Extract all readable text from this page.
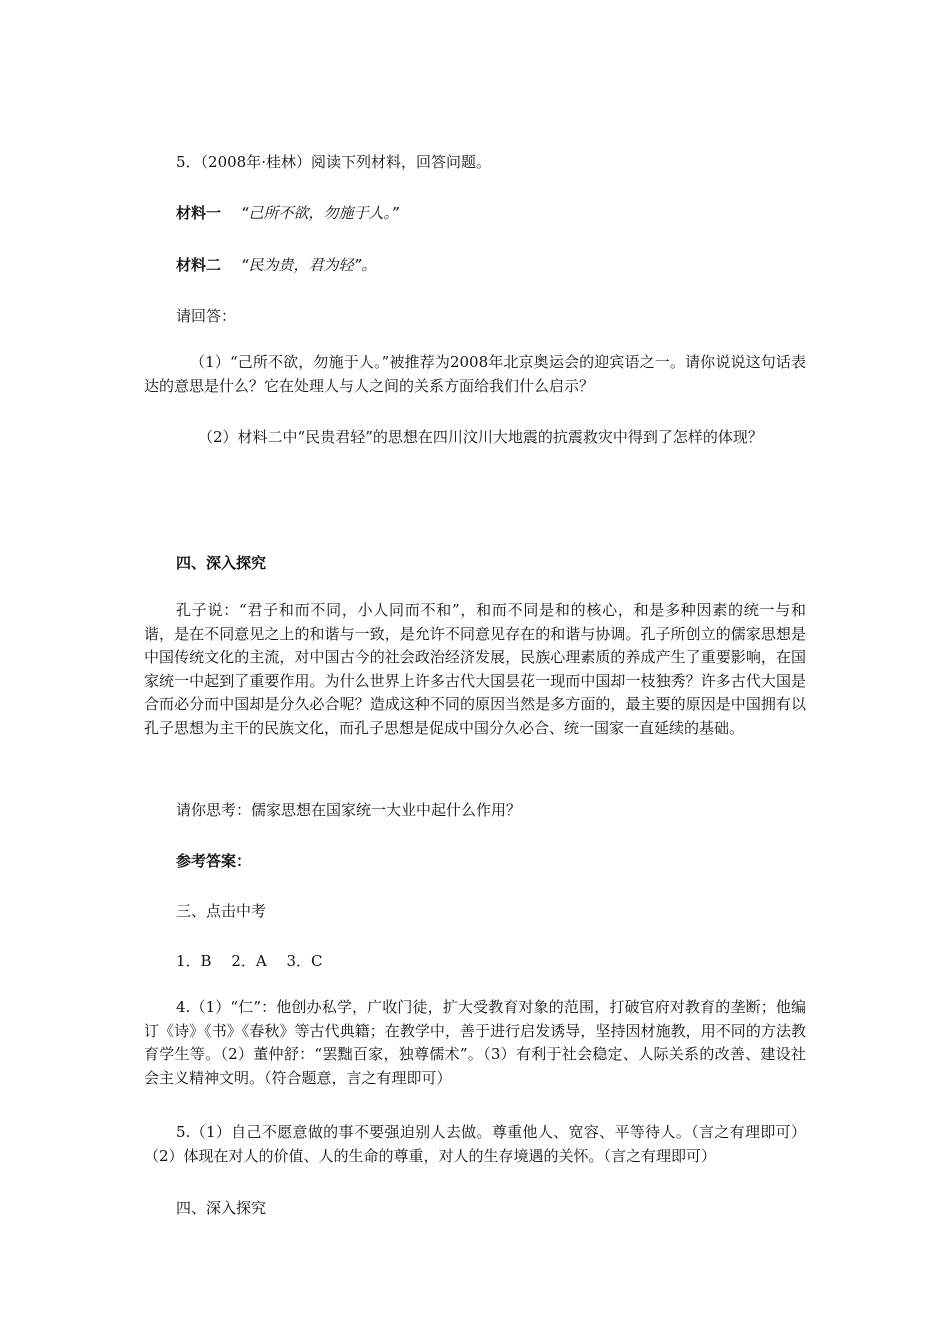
5．（2008年·桂林）阅读下列材料，回答问题。

材料一 “己所不欲，勿施于人。”

材料二 “民为贵，君为轻”。

请回答：

（1）“己所不欲，勿施于人。”被推荐为2008年北京奥运会的迎宾语之一。请你说说这句话表达的意思是什么？它在处理人与人之间的关系方面给我们什么启示？

（2）材料二中“民贵君轻”的思想在四川汶川大地震的抗震救灾中得到了怎样的体现？

四、深入探究

孔子说：“君子和而不同，小人同而不和”，和而不同是和的核心，和是多种因素的统一与和谐，是在不同意见之上的和谐与一致，是允许不同意见存在的和谐与协调。孔子所创立的儒家思想是中国传统文化的主流，对中国古今的社会政治经济发展，民族心理素质的养成产生了重要影响，在国家统一中起到了重要作用。为什么世界上许多古代大国昙花一现而中国却一枝独秀？许多古代大国是合而必分而中国却是分久必合呢？造成这种不同的原因当然是多方面的，最主要的原因是中国拥有以孔子思想为主干的民族文化，而孔子思想是促成中国分久必合、统一国家一直延续的基础。

请你思考：儒家思想在国家统一大业中起什么作用？

参考答案：

三、点击中考

1．B　 2．A　 3．C

4.（1）“仁”：他创办私学，广收门徒，扩大受教育对象的范围，打破官府对教育的垄断；他编订《诗》《书》《春秋》等古代典籍；在教学中，善于进行启发诱导，坚持因材施教，用不同的方法教育学生等。（2）董仲舒：“罢黜百家，独尊儒术”。（3）有利于社会稳定、人际关系的改善、建设社会主义精神文明。（符合题意，言之有理即可）

5.（1）自己不愿意做的事不要强迫别人去做。尊重他人、宽容、平等待人。（言之有理即可）（2）体现在对人的价值、人的生命的尊重，对人的生存境遇的关怀。（言之有理即可）

四、深入探究
